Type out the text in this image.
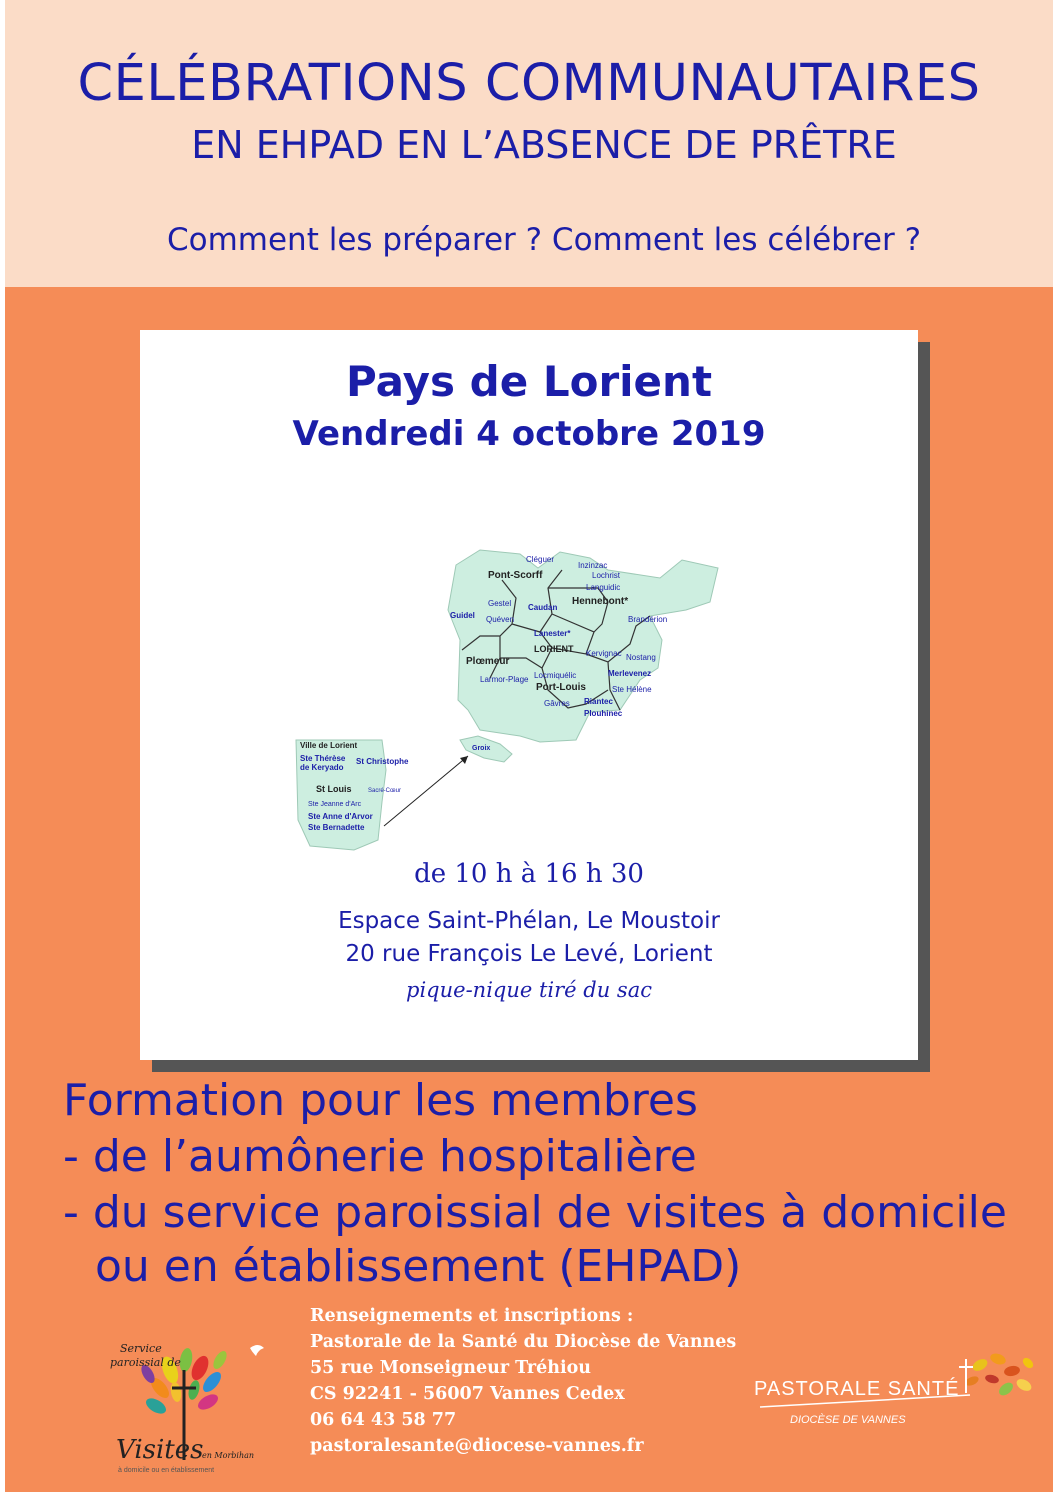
CÉLÉBRATIONS COMMUNAUTAIRES
EN EHPAD EN L’ABSENCE DE PRÊTRE
Comment les préparer ? Comment les célébrer ?
Pays de Lorient
Vendredi 4 octobre 2019
Cléguer
Pont-Scorff
Inzinzac
Lochrist
Languidic
Hennebont*
Gestel Caudan
Guidel Quéven
Lanester*
Brandérion
LORIENT
Plœmeur
Kervignac Nostang
Larmor-Plage Locmiquélic
Port-Louis
Merlevenez
Ste Hélène
Gâvres Riantec
Plouhinec
Groix
Ville de Lorient
Ste Thérèse
de Keryado
St Christophe
St Louis	Sacré-Cœur
Ste Jeanne d'Arc
Ste Anne d'Arvor
Ste Bernadette
de 10 h à 16 h 30
Espace Saint-Phélan, Le Moustoir
20 rue François Le Levé, Lorient
pique-nique tiré du sac
Formation pour les membres
- de l’aumônerie hospitalière
- du service paroissial de visites à domicile
ou en établissement (EHPAD)
Renseignements et inscriptions :
Pastorale de la Santé du Diocèse de Vannes
55 rue Monseigneur Tréhiou
CS 92241 - 56007 Vannes Cedex
06 64 43 58 77
pastoralesante@diocese-vannes.fr
Service
paroissial de
Visites
en Morbihan
à domicile ou en établissement
PASTORALE SANTÉ
DIOCÈSE DE VANNES
